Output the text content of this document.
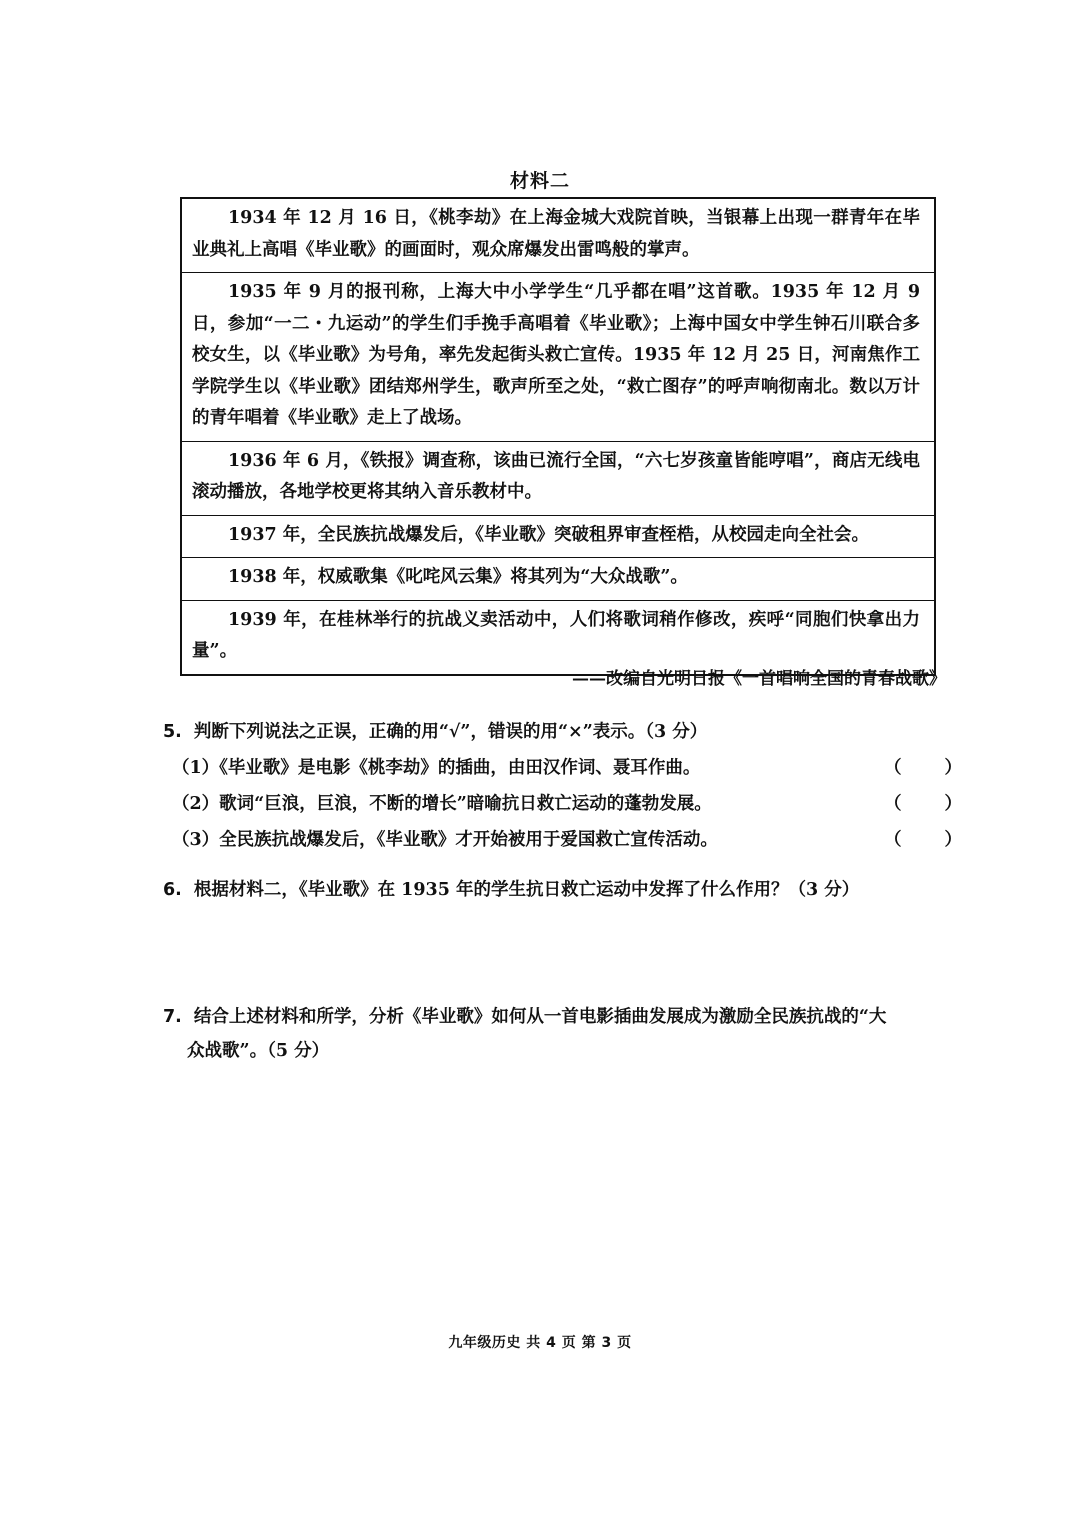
材料二
1934 年 12 月 16 日，《桃李劫》在上海金城大戏院首映，当银幕上出现一群青年在毕业典礼上高唱《毕业歌》的画面时，观众席爆发出雷鸣般的掌声。
1935 年 9 月的报刊称，上海大中小学学生“几乎都在唱”这首歌。1935 年 12 月 9 日，参加“一二・九运动”的学生们手挽手高唱着《毕业歌》；上海中国女中学生钟石川联合多校女生，以《毕业歌》为号角，率先发起街头救亡宣传。1935 年 12 月 25 日，河南焦作工学院学生以《毕业歌》团结郑州学生，歌声所至之处，“救亡图存”的呼声响彻南北。数以万计的青年唱着《毕业歌》走上了战场。
1936 年 6 月，《铁报》调查称，该曲已流行全国，“六七岁孩童皆能哼唱”，商店无线电滚动播放，各地学校更将其纳入音乐教材中。
1937 年，全民族抗战爆发后，《毕业歌》突破租界审查桎梏，从校园走向全社会。
1938 年，权威歌集《叱咤风云集》将其列为“大众战歌”。
1939 年，在桂林举行的抗战义卖活动中，人们将歌词稍作修改，疾呼“同胞们快拿出力量”。
——改编自光明日报《一首唱响全国的青春战歌》
5. 判断下列说法之正误，正确的用“√”，错误的用“×”表示。（3 分）
（1）《毕业歌》是电影《桃李劫》的插曲，由田汉作词、聂耳作曲。	（ ）
（2）歌词“巨浪，巨浪，不断的增长”暗喻抗日救亡运动的蓬勃发展。	（ ）
（3）全民族抗战爆发后，《毕业歌》才开始被用于爱国救亡宣传活动。	（ ）
6. 根据材料二，《毕业歌》在 1935 年的学生抗日救亡运动中发挥了什么作用？（3 分）
7. 结合上述材料和所学，分析《毕业歌》如何从一首电影插曲发展成为激励全民族抗战的“大
众战歌”。（5 分）
九年级历史 共 4 页 第 3 页
